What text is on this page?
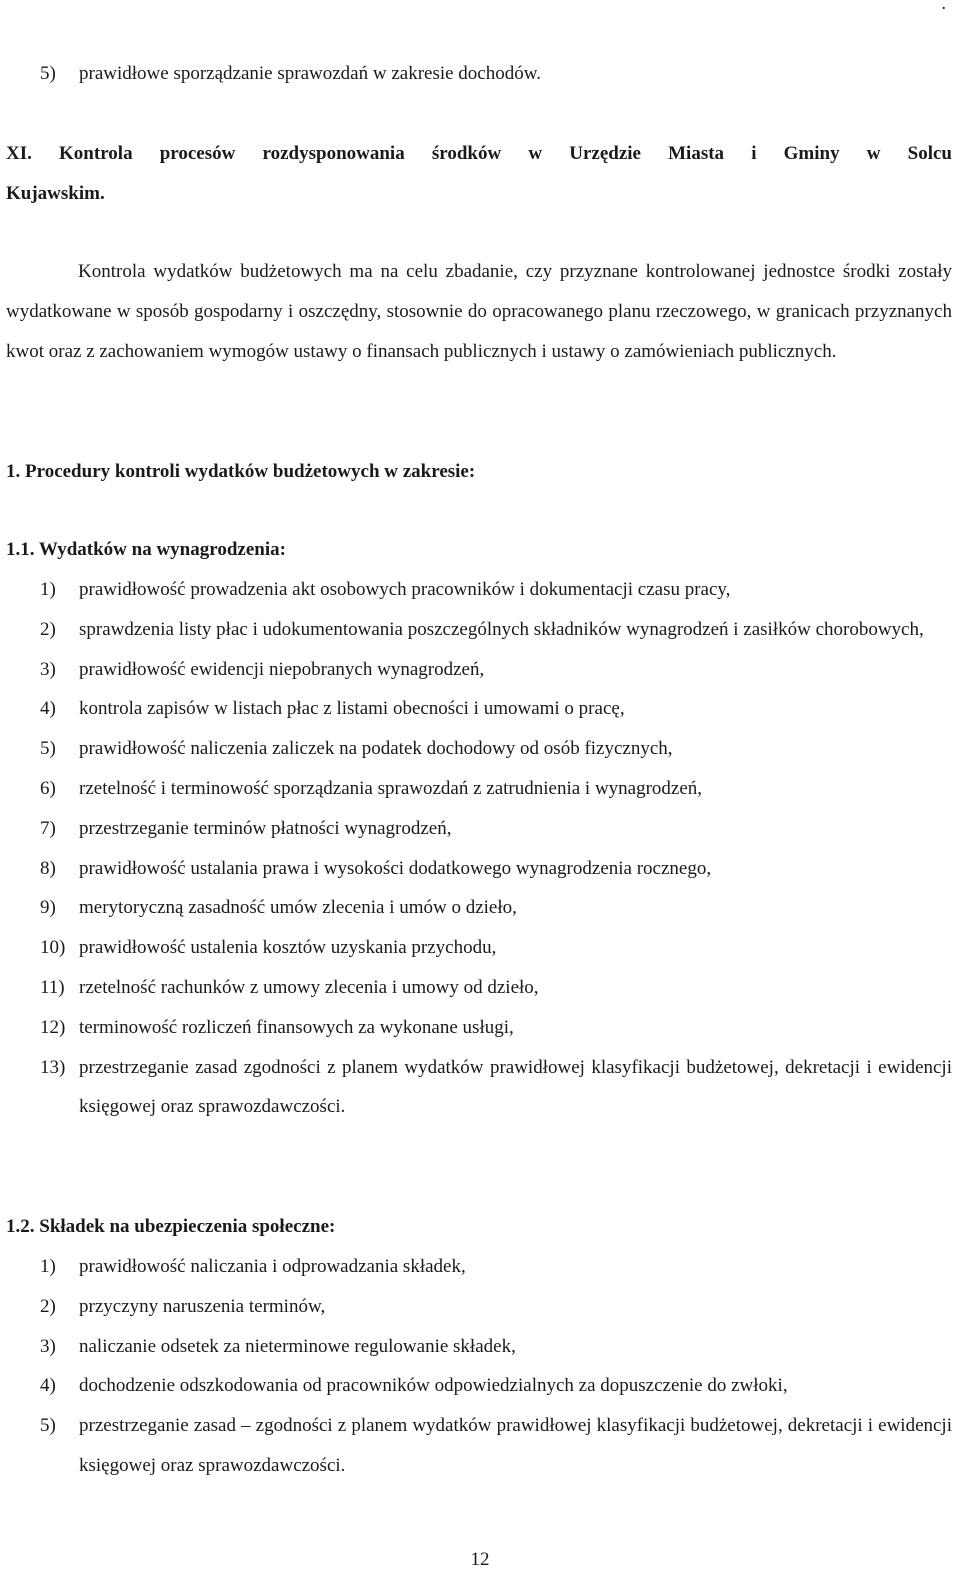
.
5)	prawidłowe sporządzanie sprawozdań w zakresie dochodów.
XI. Kontrola procesów rozdysponowania środków w Urzędzie Miasta i Gminy w Solcu
Kujawskim.
Kontrola wydatków budżetowych ma na celu zbadanie, czy przyznane kontrolowanej jednostce środki zostały wydatkowane w sposób gospodarny i oszczędny, stosownie do opracowanego planu rzeczowego, w granicach przyznanych kwot oraz z zachowaniem wymogów ustawy o finansach publicznych i ustawy o zamówieniach publicznych.
1. Procedury kontroli wydatków budżetowych w zakresie:
1.1. Wydatków na wynagrodzenia:
1)	prawidłowość prowadzenia akt osobowych pracowników i dokumentacji czasu pracy,
2)	sprawdzenia listy płac i udokumentowania poszczególnych składników wynagrodzeń i zasiłków chorobowych,
3)	prawidłowość ewidencji niepobranych wynagrodzeń,
4)	kontrola zapisów w listach płac z listami obecności i umowami o pracę,
5)	prawidłowość naliczenia zaliczek na podatek dochodowy od osób fizycznych,
6)	rzetelność i terminowość sporządzania sprawozdań z zatrudnienia i wynagrodzeń,
7)	przestrzeganie terminów płatności wynagrodzeń,
8)	prawidłowość ustalania prawa i wysokości dodatkowego wynagrodzenia rocznego,
9)	merytoryczną zasadność umów zlecenia i umów o dzieło,
10) prawidłowość ustalenia kosztów uzyskania przychodu,
11) rzetelność rachunków z umowy zlecenia i umowy od dzieło,
12) terminowość rozliczeń finansowych za wykonane usługi,
13) przestrzeganie zasad zgodności z planem wydatków prawidłowej klasyfikacji budżetowej, dekretacji i ewidencji księgowej oraz sprawozdawczości.
1.2. Składek na ubezpieczenia społeczne:
1)	prawidłowość naliczania i odprowadzania składek,
2)	przyczyny naruszenia terminów,
3)	naliczanie odsetek za nieterminowe regulowanie składek,
4)	dochodzenie odszkodowania od pracowników odpowiedzialnych za dopuszczenie do zwłoki,
5)	przestrzeganie zasad – zgodności z planem wydatków prawidłowej klasyfikacji budżetowej, dekretacji i ewidencji księgowej oraz sprawozdawczości.
12
